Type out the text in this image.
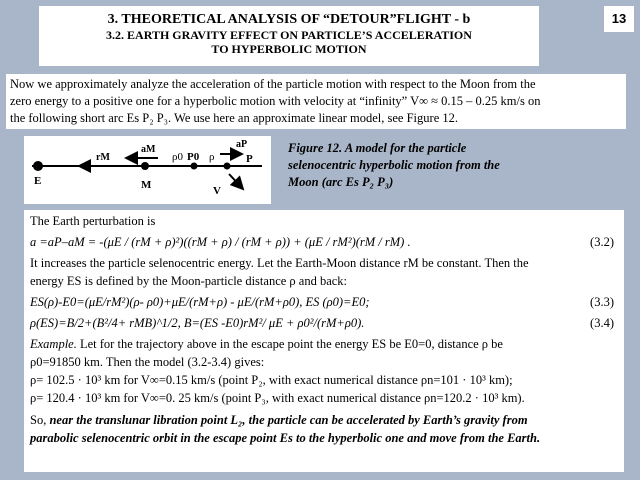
3. THEORETICAL ANALYSIS OF “DETOUR”FLIGHT - b
3.2. EARTH GRAVITY EFFECT ON PARTICLE’S ACCELERATION
TO HYPERBOLIC MOTION
13
Now we approximately analyze the acceleration of the particle motion with respect to the Moon from the
zero energy to a positive one for a hyperbolic motion with velocity at “infinity” V∞ ≈ 0.15 – 0.25 km/s on
the following short arc Es P₂ P₃. We use here an approximate linear model, see Figure 12.
rM
aM	aP
ρ0 ρ
P0	P
E	M	V
Figure 12. A model for the particle
selenocentric hyperbolic motion from the
Moon (arc Es P₂ P₃)

The Earth perturbation is

a =aP–aM = -(μE / (rM + ρ)²)((rM + ρ) / (rM + ρ)) + (μE / rM²)(rM / rM) .	(3.2)

It increases the particle selenocentric energy. Let the Earth-Moon distance rM be constant. Then the

energy ES is defined by the Moon-particle distance ρ and back:

ES(ρ)-E0=(μE/rM²)(ρ- ρ0)+μE/(rM+ρ) - μE/(rM+ρ0), ES (ρ0)=E0;	(3.3)
ρ(ES)=B/2+(B²/4+ rMB)^1/2, B=(ES -E0)rM²/ μE + ρ0²/(rM+ρ0).	(3.4)

Example. Let for the trajectory above in the escape point the energy ES be E0=0, distance ρ be

ρ0=91850 km. Then the model (3.2-3.4) gives:

ρ= 102.5 · 10³ km for V∞=0.15 km/s (point P₂, with exact numerical distance ρn=101 · 10³ km);

ρ= 120.4 · 10³ km for V∞=0. 25 km/s (point P₃, with exact numerical distance ρn=120.2 · 10³ km).

So, near the translunar libration point L₂, the particle can be accelerated by Earth’s gravity from

parabolic selenocentric orbit in the escape point Es to the hyperbolic one and move from the Earth.
